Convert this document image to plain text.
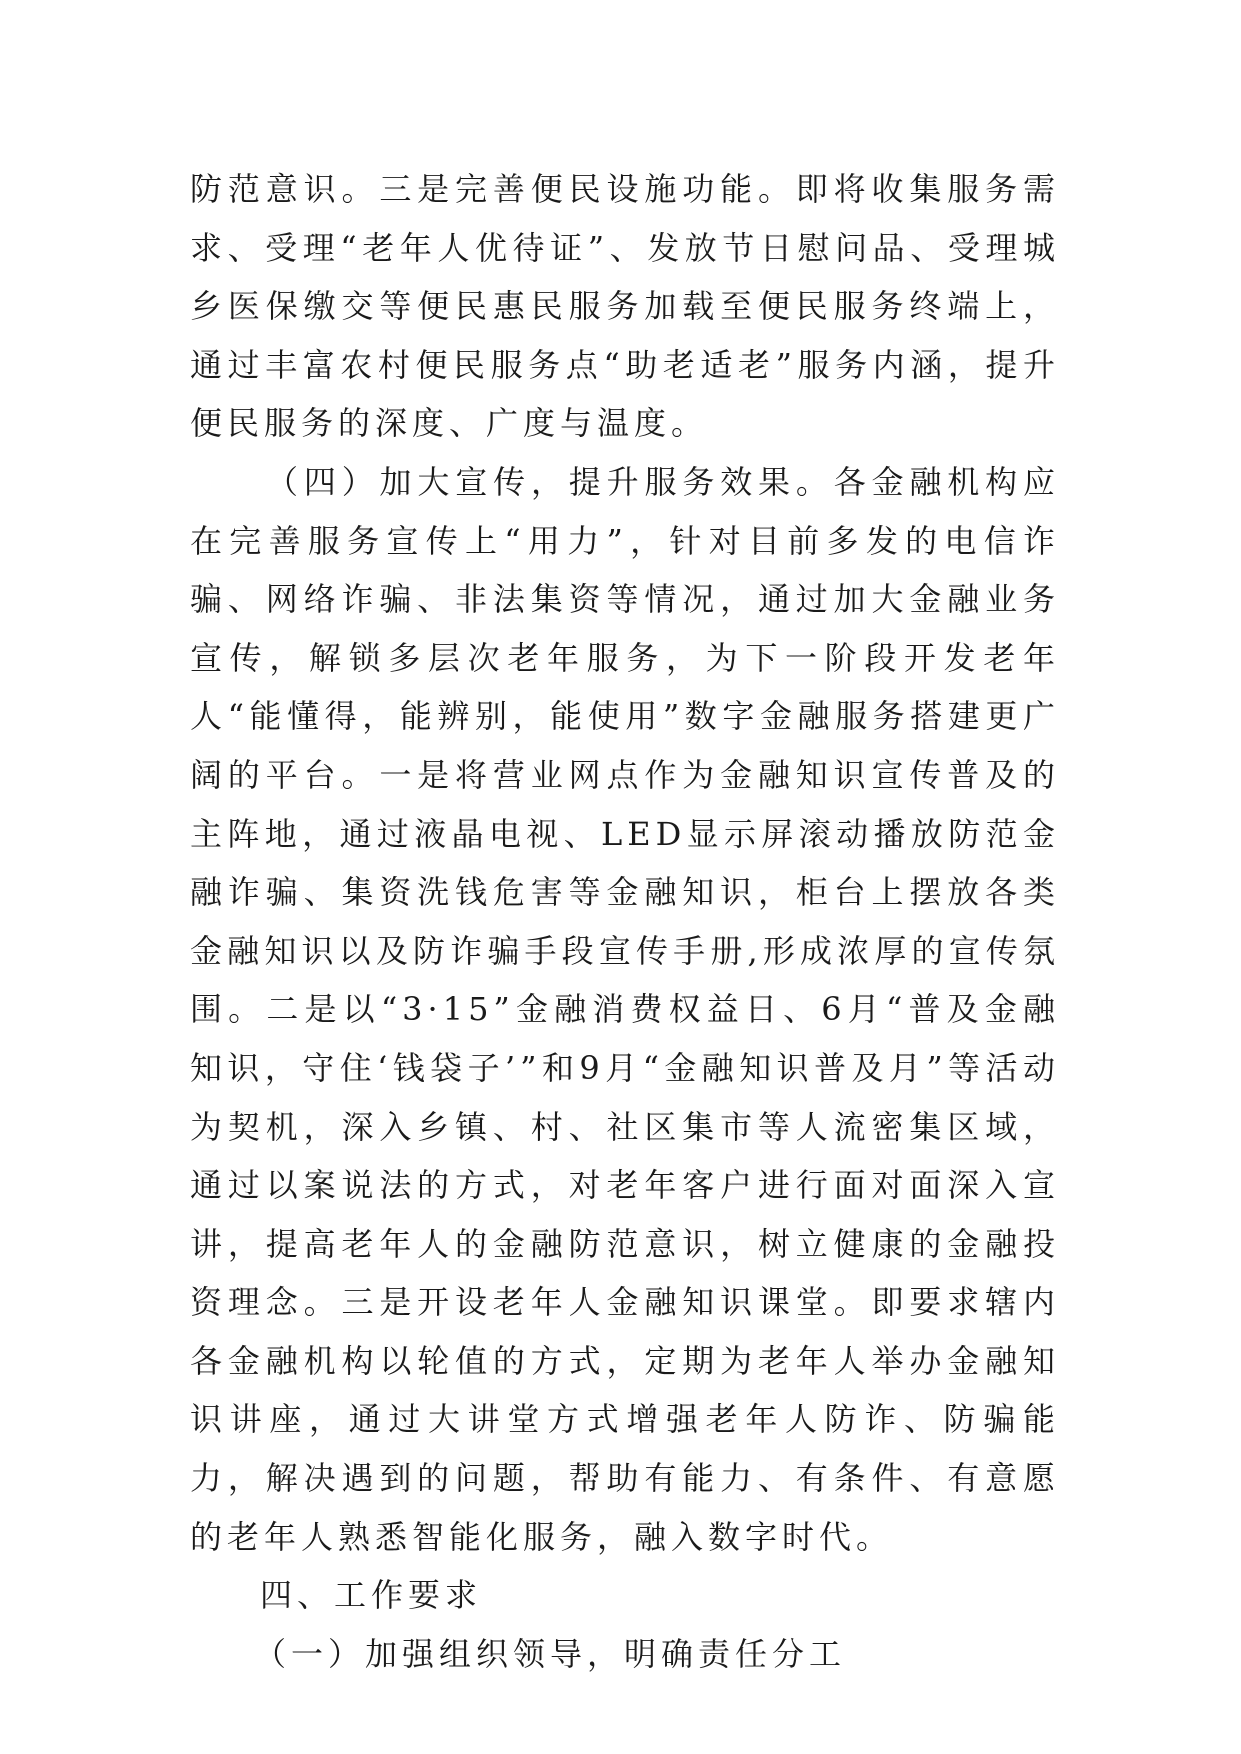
防范意识。三是完善便民设施功能。即将收集服务需求、受理“老年人优待证”、发放节日慰问品、受理城乡医保缴交等便民惠民服务加载至便民服务终端上，通过丰富农村便民服务点“助老适老”服务内涵，提升便民服务的深度、广度与温度。

（四）加大宣传，提升服务效果。各金融机构应在完善服务宣传上“用力”，针对目前多发的电信诈骗、网络诈骗、非法集资等情况，通过加大金融业务宣传，解锁多层次老年服务，为下一阶段开发老年人“能懂得，能辨别，能使用”数字金融服务搭建更广阔的平台。一是将营业网点作为金融知识宣传普及的主阵地，通过液晶电视、LED显示屏滚动播放防范金融诈骗、集资洗钱危害等金融知识，柜台上摆放各类金融知识以及防诈骗手段宣传手册,形成浓厚的宣传氛围。二是以“3·15”金融消费权益日、6月“普及金融知识，守住‘钱袋子’”和9月“金融知识普及月”等活动为契机，深入乡镇、村、社区集市等人流密集区域，通过以案说法的方式，对老年客户进行面对面深入宣讲，提高老年人的金融防范意识，树立健康的金融投资理念。三是开设老年人金融知识课堂。即要求辖内各金融机构以轮值的方式，定期为老年人举办金融知识讲座，通过大讲堂方式增强老年人防诈、防骗能力，解决遇到的问题，帮助有能力、有条件、有意愿的老年人熟悉智能化服务，融入数字时代。

四、工作要求

（一）加强组织领导，明确责任分工
